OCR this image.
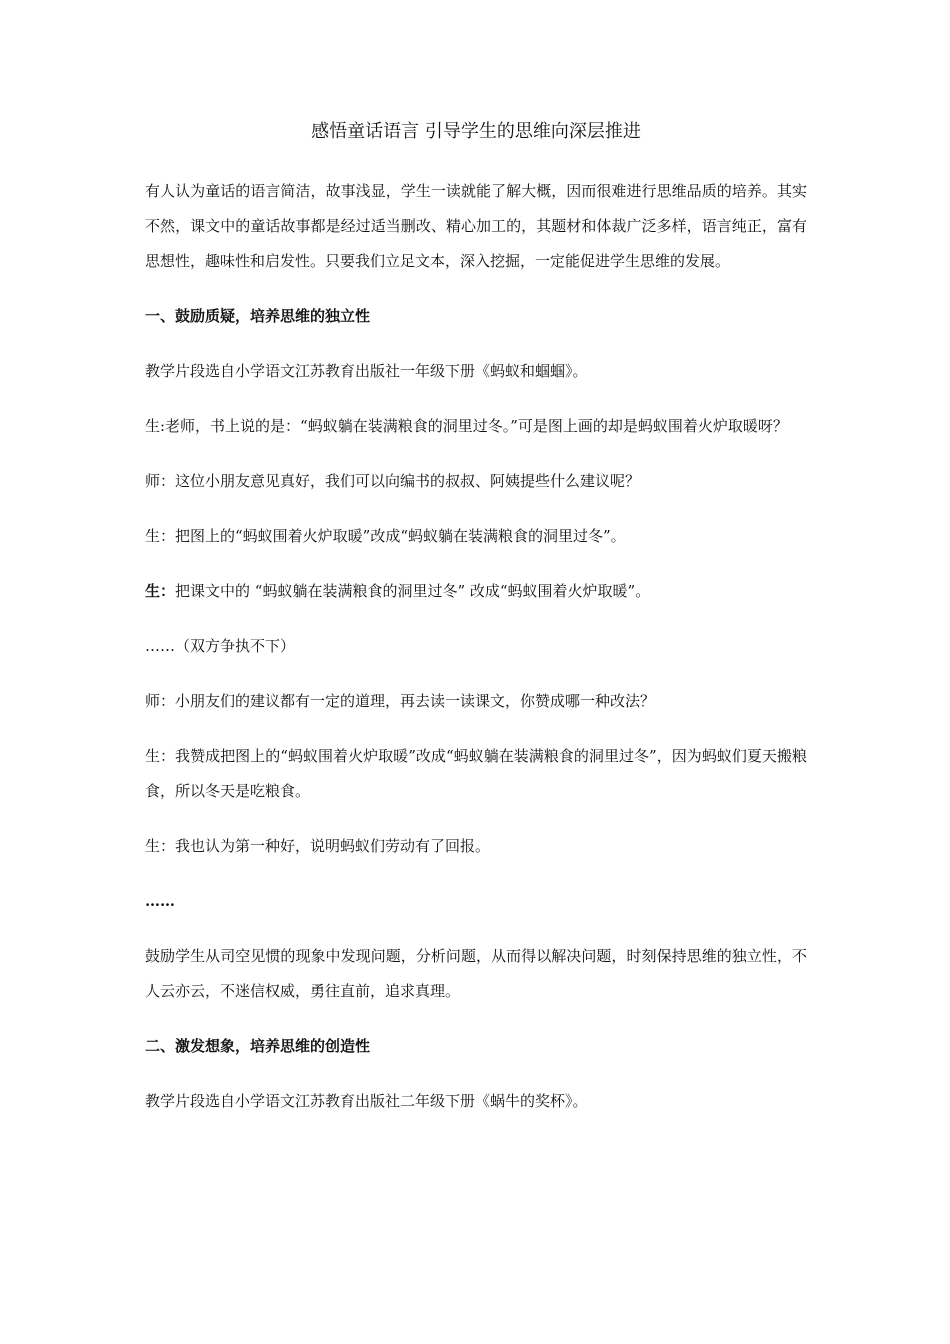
感悟童话语言 引导学生的思维向深层推进

有人认为童话的语言简洁，故事浅显，学生一读就能了解大概，因而很难进行思维品质的培养。其实不然，课文中的童话故事都是经过适当删改、精心加工的，其题材和体裁广泛多样，语言纯正，富有思想性，趣味性和启发性。只要我们立足文本，深入挖掘，一定能促进学生思维的发展。

一、鼓励质疑，培养思维的独立性

教学片段选自小学语文江苏教育出版社一年级下册《蚂蚁和蝈蝈》。

生:老师，书上说的是：“蚂蚁躺在装满粮食的洞里过冬。”可是图上画的却是蚂蚁围着火炉取暖呀？

师：这位小朋友意见真好，我们可以向编书的叔叔、阿姨提些什么建议呢？

生：把图上的“蚂蚁围着火炉取暖”改成“蚂蚁躺在装满粮食的洞里过冬”。

生：把课文中的 “蚂蚁躺在装满粮食的洞里过冬” 改成“蚂蚁围着火炉取暖”。

……（双方争执不下）

师：小朋友们的建议都有一定的道理，再去读一读课文，你赞成哪一种改法？

生：我赞成把图上的“蚂蚁围着火炉取暖”改成“蚂蚁躺在装满粮食的洞里过冬”，因为蚂蚁们夏天搬粮食，所以冬天是吃粮食。

生：我也认为第一种好，说明蚂蚁们劳动有了回报。

……

鼓励学生从司空见惯的现象中发现问题，分析问题，从而得以解决问题，时刻保持思维的独立性，不人云亦云，不迷信权威，勇往直前，追求真理。

二、激发想象，培养思维的创造性

教学片段选自小学语文江苏教育出版社二年级下册《蜗牛的奖杯》。
